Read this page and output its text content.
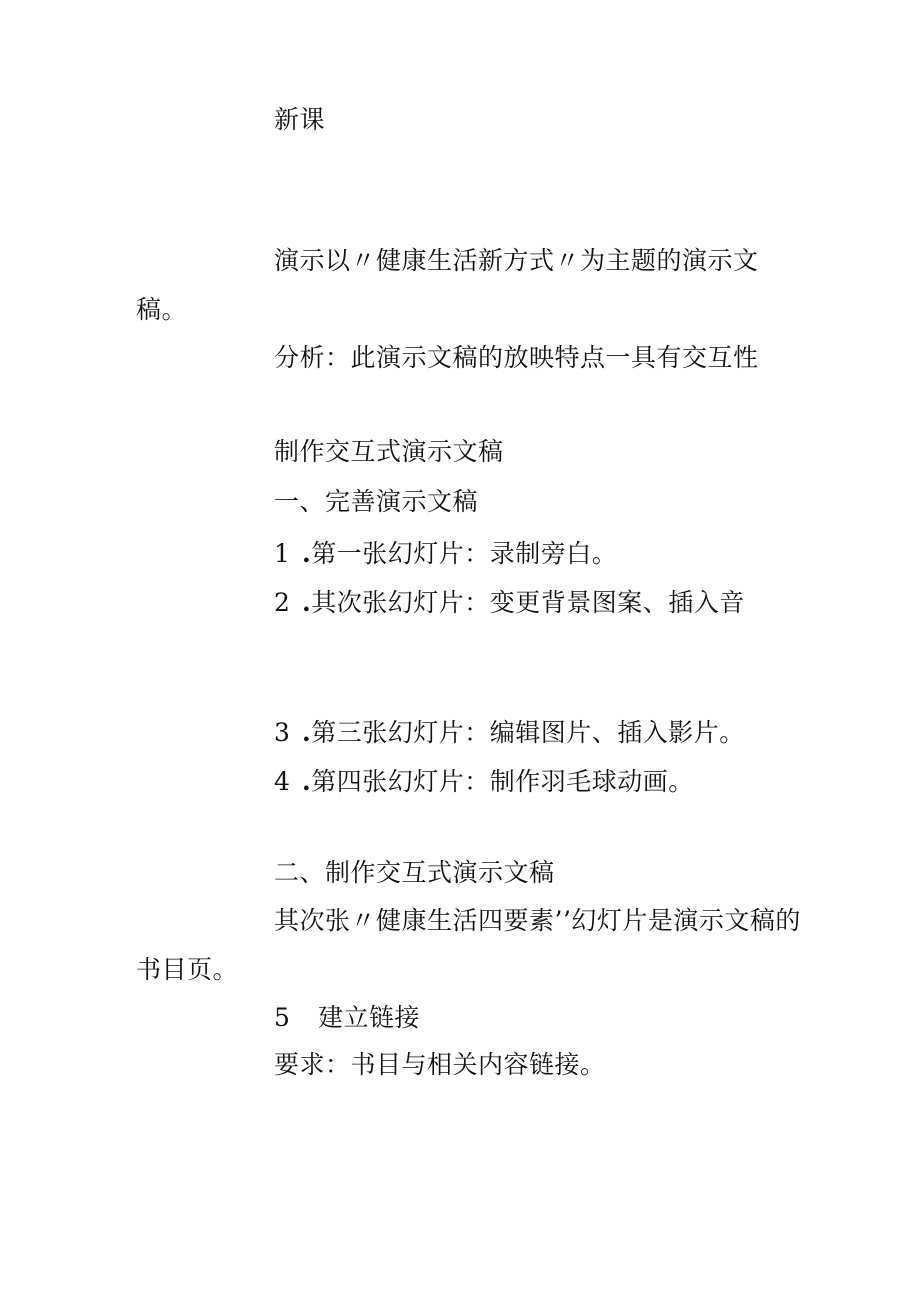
新课
演示以〃健康生活新方式〃为主题的演示文
稿。
分析：此演示文稿的放映特点一具有交互性
制作交互式演示文稿
一、完善演示文稿
1 .第一张幻灯片：录制旁白。
2 .其次张幻灯片：变更背景图案、插入音
3 .第三张幻灯片：编辑图片、插入影片。
4 .第四张幻灯片：制作羽毛球动画。
二、制作交互式演示文稿
其次张〃健康生活四要素’’幻灯片是演示文稿的
书目页。
5 建立链接
要求：书目与相关内容链接。
